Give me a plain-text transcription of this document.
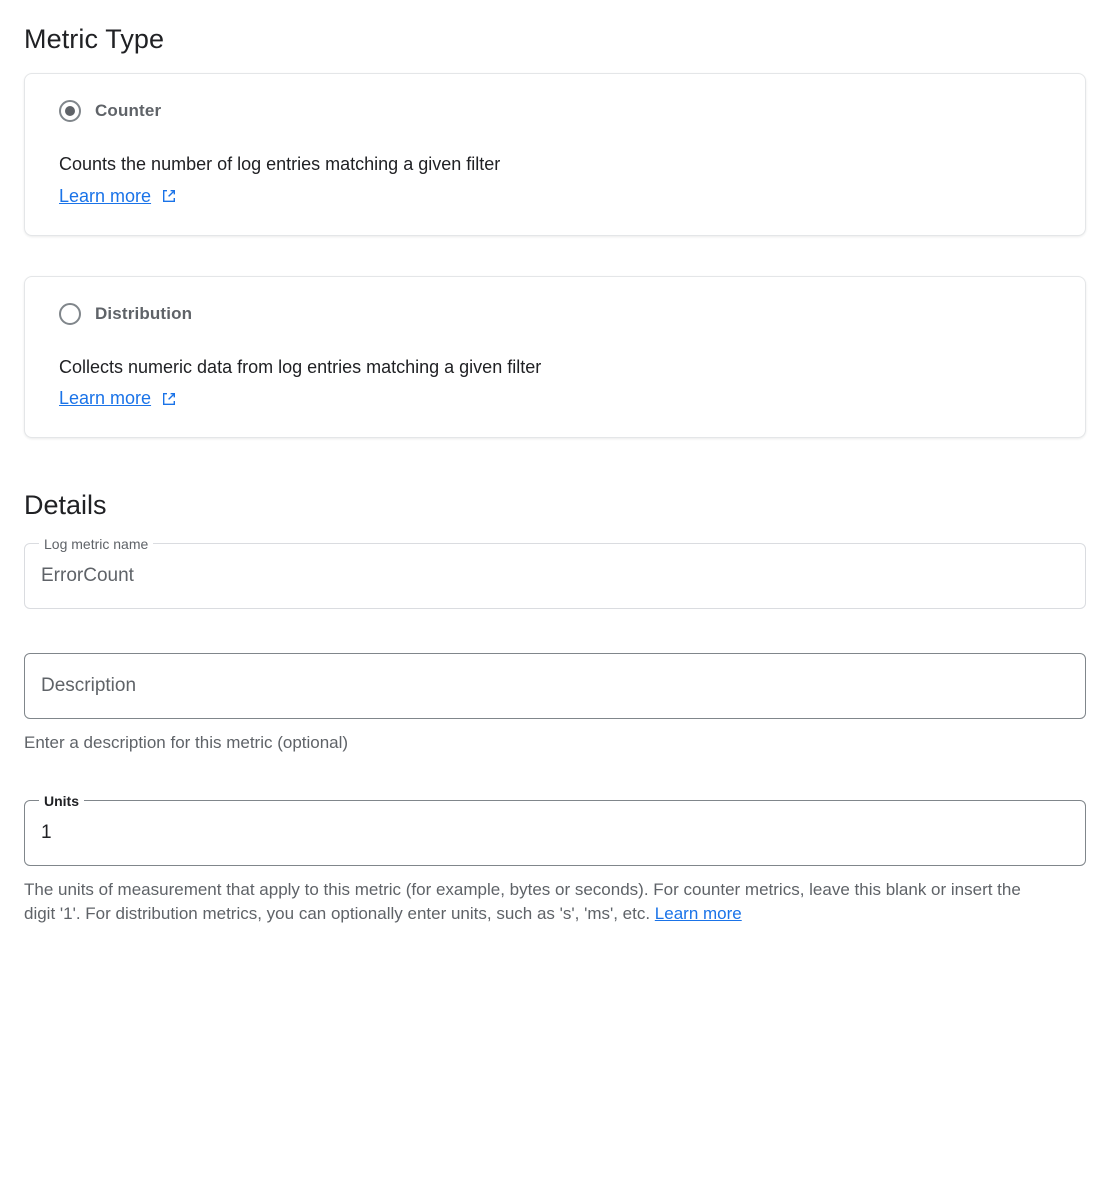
Metric Type
Counter
Counts the number of log entries matching a given filter
Learn more
Distribution
Collects numeric data from log entries matching a given filter
Learn more
Details
Log metric name
ErrorCount
Description
Enter a description for this metric (optional)
Units
1
The units of measurement that apply to this metric (for example, bytes or seconds). For counter metrics, leave this blank or insert the digit '1'. For distribution metrics, you can optionally enter units, such as 's', 'ms', etc. Learn more
